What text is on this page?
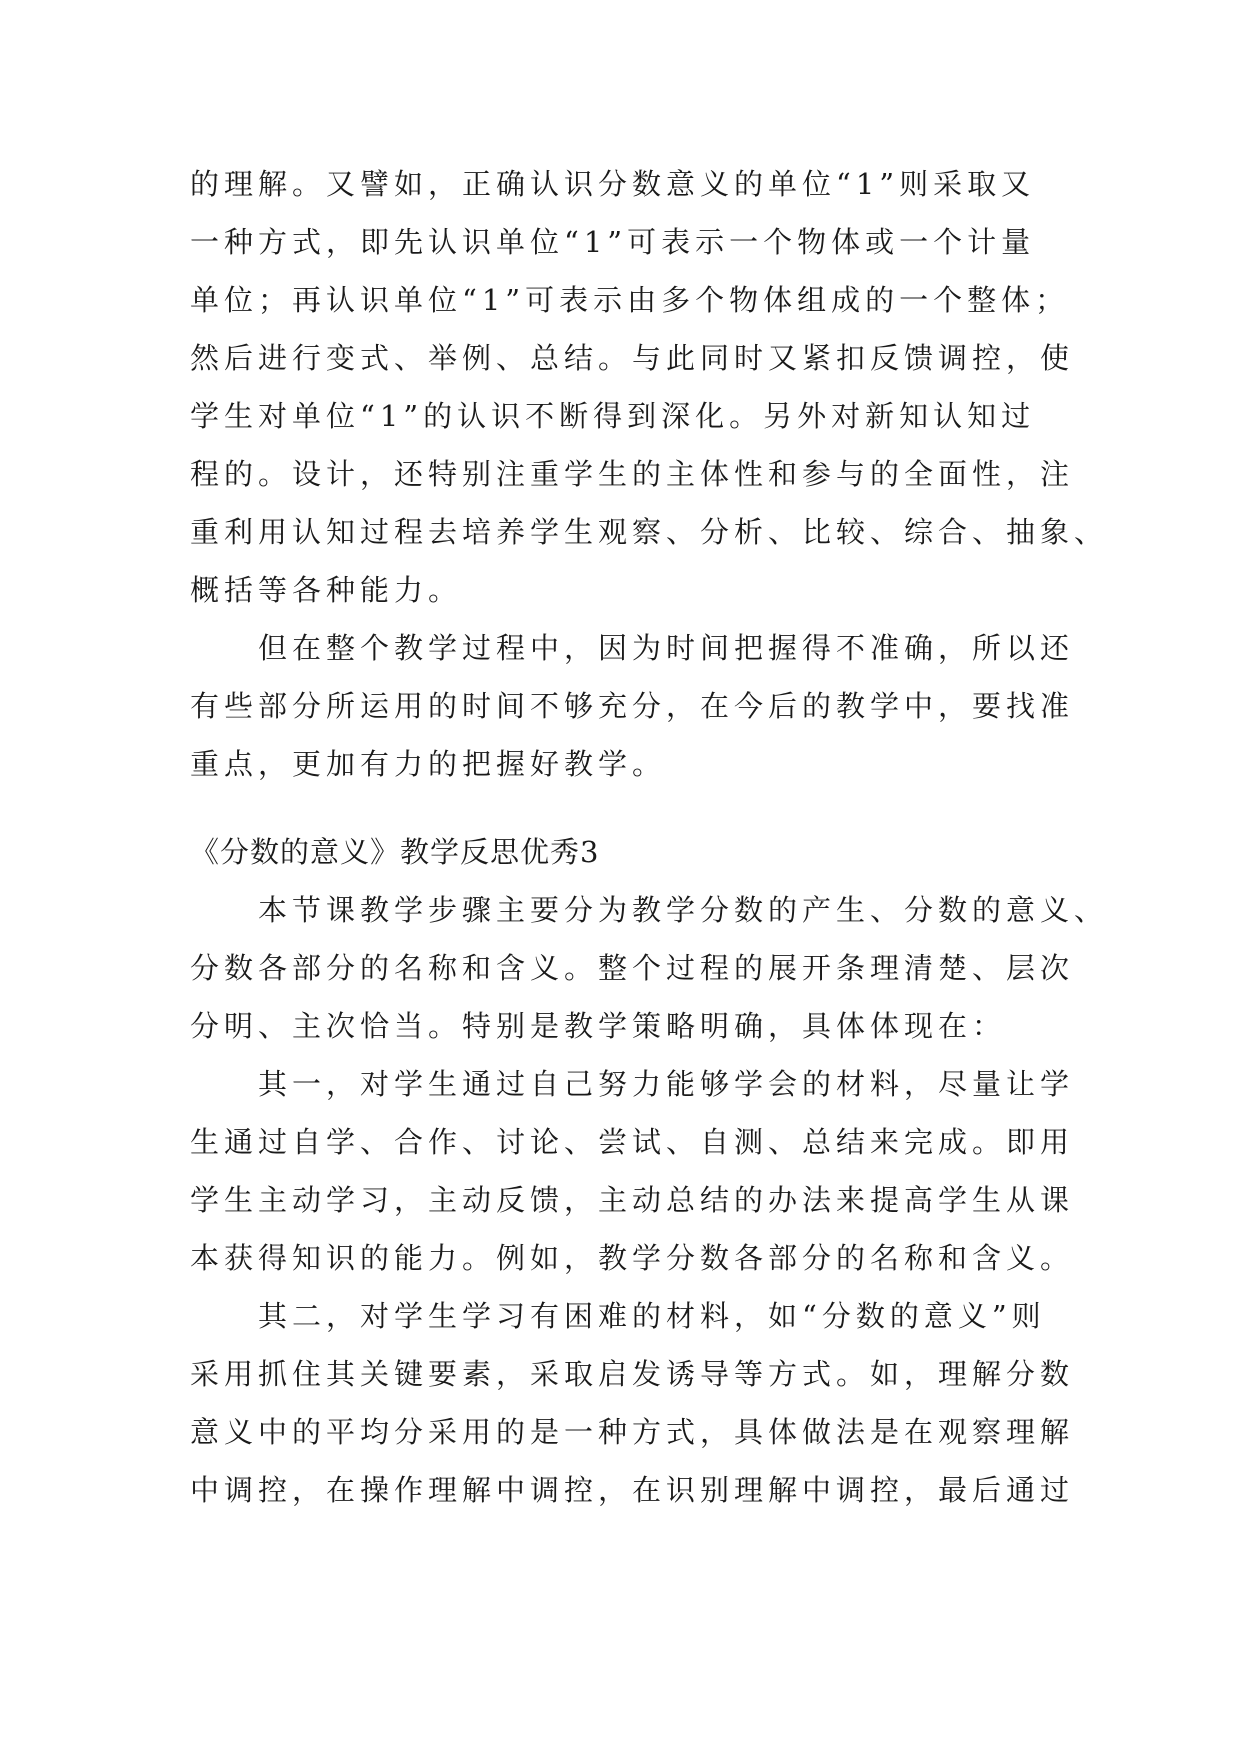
的理解。又譬如，正确认识分数意义的单位“1”则采取又
一种方式，即先认识单位“1”可表示一个物体或一个计量
单位；再认识单位“1”可表示由多个物体组成的一个整体；
然后进行变式、举例、总结。与此同时又紧扣反馈调控，使
学生对单位“1”的认识不断得到深化。另外对新知认知过
程的。设计，还特别注重学生的主体性和参与的全面性，注
重利用认知过程去培养学生观察、分析、比较、综合、抽象、
概括等各种能力。
　　但在整个教学过程中，因为时间把握得不准确，所以还
有些部分所运用的时间不够充分，在今后的教学中，要找准
重点，更加有力的把握好教学。
《分数的意义》教学反思优秀3
　　本节课教学步骤主要分为教学分数的产生、分数的意义、
分数各部分的名称和含义。整个过程的展开条理清楚、层次
分明、主次恰当。特别是教学策略明确，具体体现在：
　　其一，对学生通过自己努力能够学会的材料，尽量让学
生通过自学、合作、讨论、尝试、自测、总结来完成。即用
学生主动学习，主动反馈，主动总结的办法来提高学生从课
本获得知识的能力。例如，教学分数各部分的名称和含义。
　　其二，对学生学习有困难的材料，如“分数的意义”则
采用抓住其关键要素，采取启发诱导等方式。如，理解分数
意义中的平均分采用的是一种方式，具体做法是在观察理解
中调控，在操作理解中调控，在识别理解中调控，最后通过
